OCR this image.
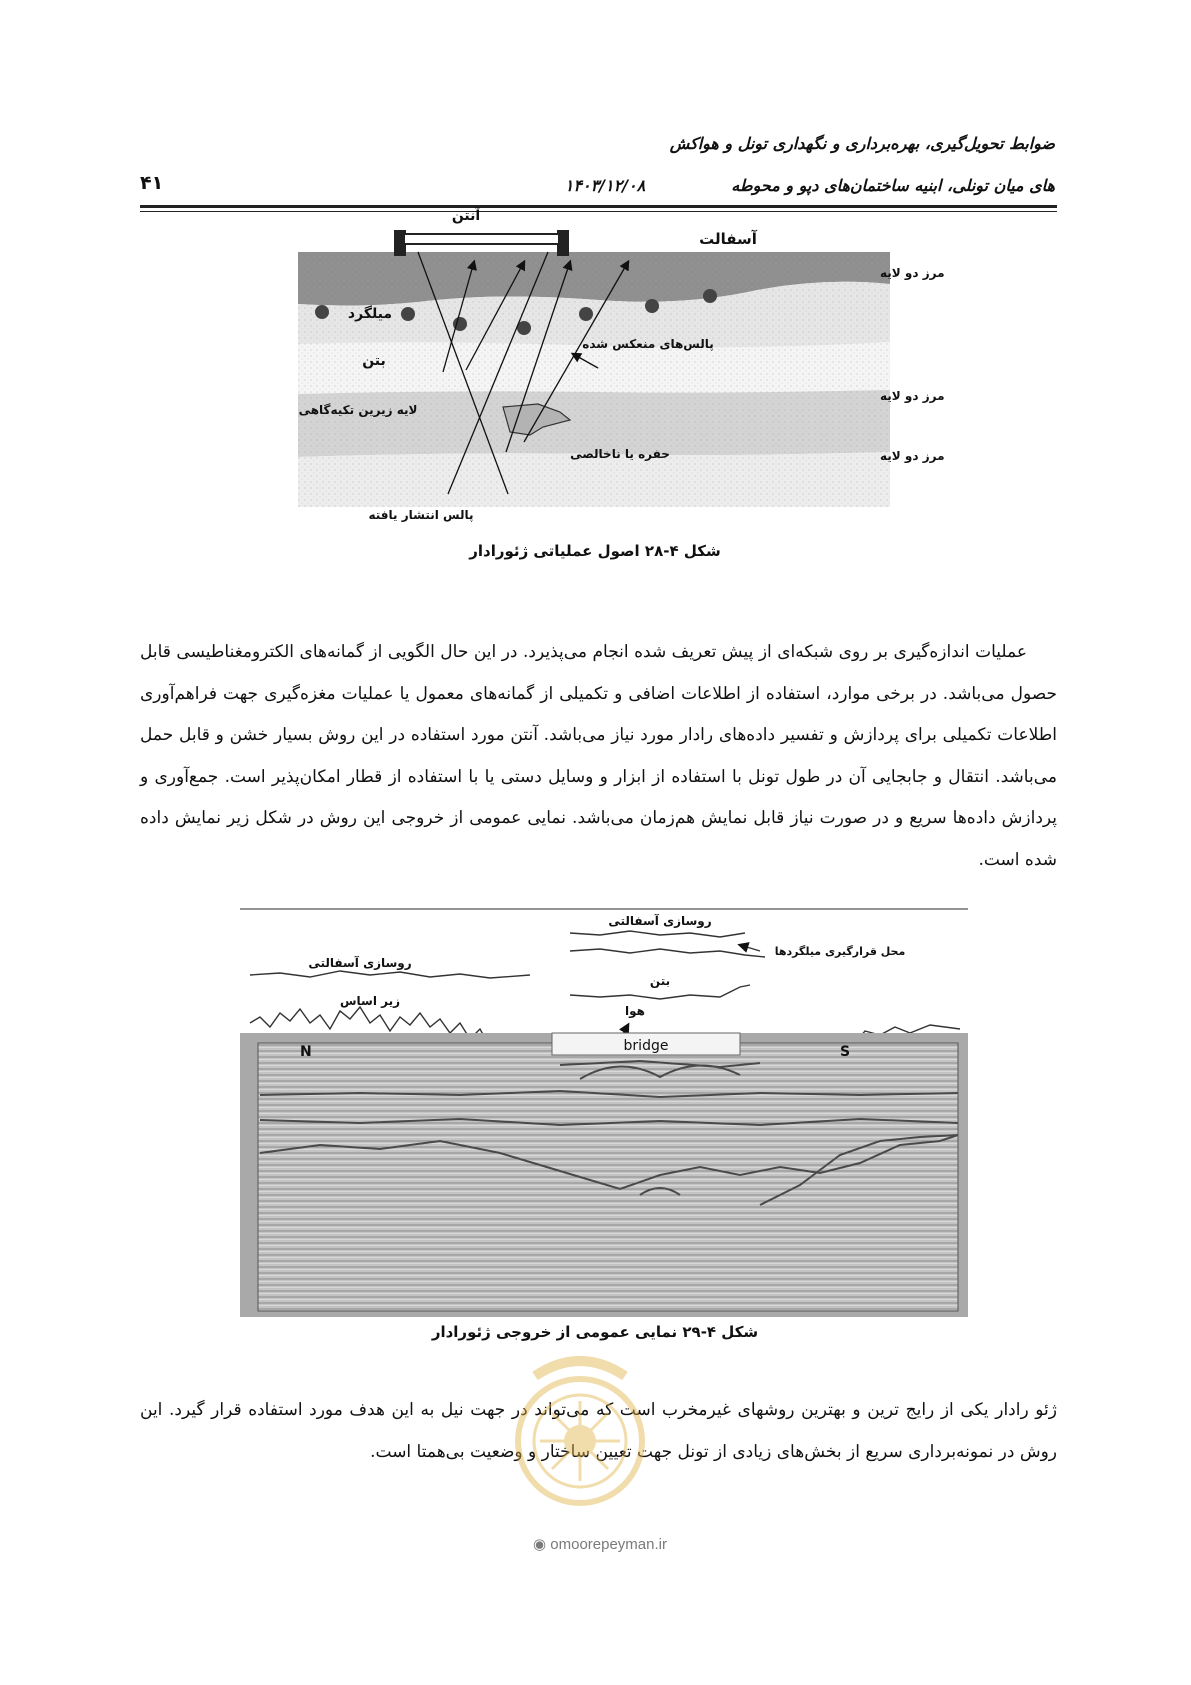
ضوابط تحویل‌گیری، بهره‌برداری و نگهداری تونل و هواکش
های میان تونلی، ابنیه ساختمان‌های دپو و محوطه
۱۴۰۳/۱۲/۰۸
۴۱
آنتن
آسفالت
مرز دو لایه
میلگرد
بتن
پالس‌های منعکس شده
مرز دو لایه
لایه زیرین تکیه‌گاهی
حفره یا ناخالصی	مرز دو لایه
پالس انتشار یافته
شکل ۴-۲۸ اصول عملیاتی ژئورادار
عملیات اندازه‌گیری بر روی شبکه‌ای از پیش تعریف شده انجام می‌پذیرد. در این حال الگویی از گمانه‌های الکترومغناطیسی قابل حصول می‌باشد. در برخی موارد، استفاده از اطلاعات اضافی و تکمیلی از گمانه‌های معمول یا عملیات مغزه‌گیری جهت فراهم‌آوری اطلاعات تکمیلی برای پردازش و تفسیر داده‌های رادار مورد نیاز می‌باشد. آنتن مورد استفاده در این روش بسیار خشن و قابل حمل می‌باشد. انتقال و جابجایی آن در طول تونل با استفاده از ابزار و وسایل دستی یا با استفاده از قطار امکان‌پذیر است. جمع‌آوری و پردازش داده‌ها سریع و در صورت نیاز قابل نمایش هم‌زمان می‌باشد. نمایی عمومی از خروجی این روش در شکل زیر نمایش داده شده است.
روسازی آسفالتی
روسازی آسفالتی
محل قرارگیری میلگردها
زیر اساس
بتن
هوا
N	S
bridge
شکل ۴-۲۹ نمایی عمومی از خروجی ژئورادار
ژئو رادار یکی از رایج ترین و بهترین روشهای غیرمخرب است که می‌تواند در جهت نیل به این هدف مورد استفاده قرار گیرد. این روش در نمونه‌برداری سریع از بخش‌های زیادی از تونل جهت تعیین ساختار و وضعیت بی‌همتا است.
◉ omoorepeyman.ir
